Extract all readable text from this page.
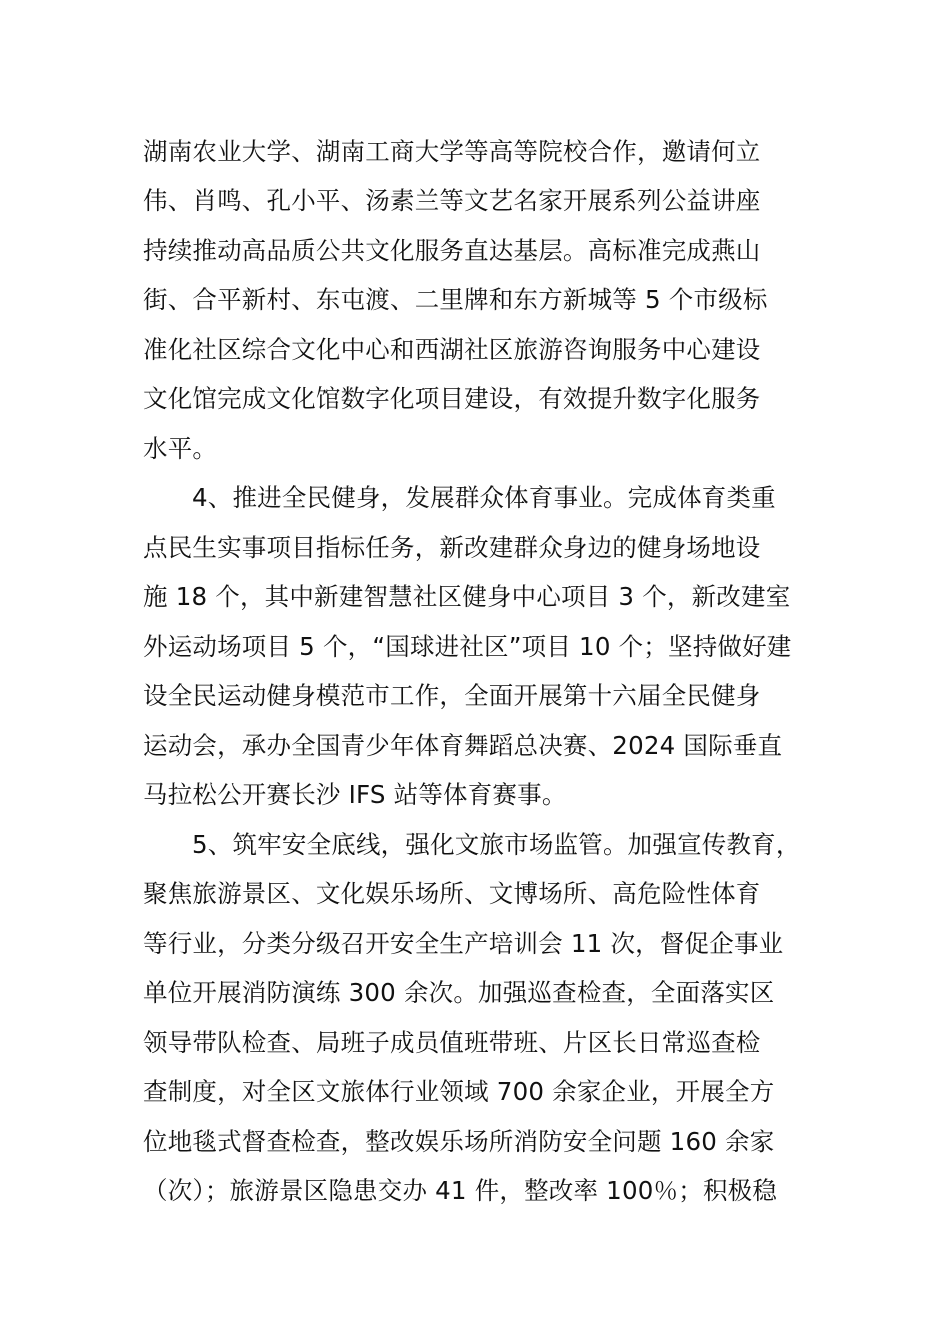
湖南农业大学、湖南工商大学等高等院校合作，邀请何立
伟、肖鸣、孔小平、汤素兰等文艺名家开展系列公益讲座
持续推动高品质公共文化服务直达基层。高标准完成燕山
街、合平新村、东屯渡、二里牌和东方新城等 5 个市级标
准化社区综合文化中心和西湖社区旅游咨询服务中心建设
文化馆完成文化馆数字化项目建设，有效提升数字化服务
水平。
4、推进全民健身，发展群众体育事业。完成体育类重
点民生实事项目指标任务，新改建群众身边的健身场地设
施 18 个，其中新建智慧社区健身中心项目 3 个，新改建室
外运动场项目 5 个，“国球进社区”项目 10 个；坚持做好建
设全民运动健身模范市工作，全面开展第十六届全民健身
运动会，承办全国青少年体育舞蹈总决赛、2024 国际垂直
马拉松公开赛长沙 IFS 站等体育赛事。
5、筑牢安全底线，强化文旅市场监管。加强宣传教育，
聚焦旅游景区、文化娱乐场所、文博场所、高危险性体育
等行业，分类分级召开安全生产培训会 11 次，督促企事业
单位开展消防演练 300 余次。加强巡查检查，全面落实区
领导带队检查、局班子成员值班带班、片区长日常巡查检
查制度，对全区文旅体行业领域 700 余家企业，开展全方
位地毯式督查检查，整改娱乐场所消防安全问题 160 余家
（次）；旅游景区隐患交办 41 件，整改率 100％；积极稳
